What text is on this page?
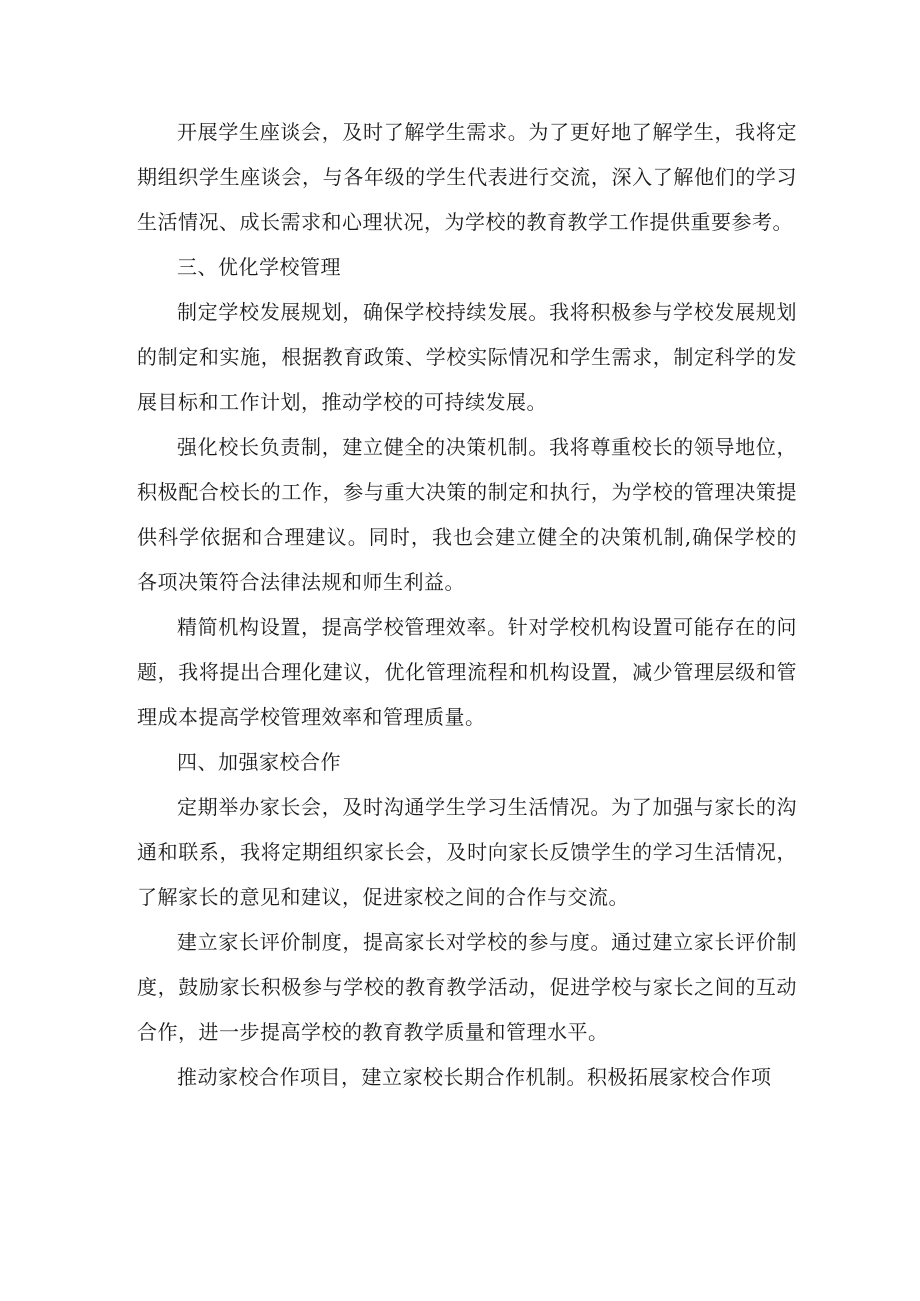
开展学生座谈会，及时了解学生需求。为了更好地了解学生，我将定期组织学生座谈会，与各年级的学生代表进行交流，深入了解他们的学习生活情况、成长需求和心理状况，为学校的教育教学工作提供重要参考。

三、优化学校管理

制定学校发展规划，确保学校持续发展。我将积极参与学校发展规划的制定和实施，根据教育政策、学校实际情况和学生需求，制定科学的发展目标和工作计划，推动学校的可持续发展。

强化校长负责制，建立健全的决策机制。我将尊重校长的领导地位，积极配合校长的工作，参与重大决策的制定和执行，为学校的管理决策提供科学依据和合理建议。同时，我也会建立健全的决策机制,确保学校的各项决策符合法律法规和师生利益。

精简机构设置，提高学校管理效率。针对学校机构设置可能存在的问题，我将提出合理化建议，优化管理流程和机构设置，减少管理层级和管理成本提高学校管理效率和管理质量。

四、加强家校合作

定期举办家长会，及时沟通学生学习生活情况。为了加强与家长的沟通和联系，我将定期组织家长会，及时向家长反馈学生的学习生活情况，了解家长的意见和建议，促进家校之间的合作与交流。

建立家长评价制度，提高家长对学校的参与度。通过建立家长评价制度，鼓励家长积极参与学校的教育教学活动，促进学校与家长之间的互动合作，进一步提高学校的教育教学质量和管理水平。

推动家校合作项目，建立家校长期合作机制。积极拓展家校合作项
